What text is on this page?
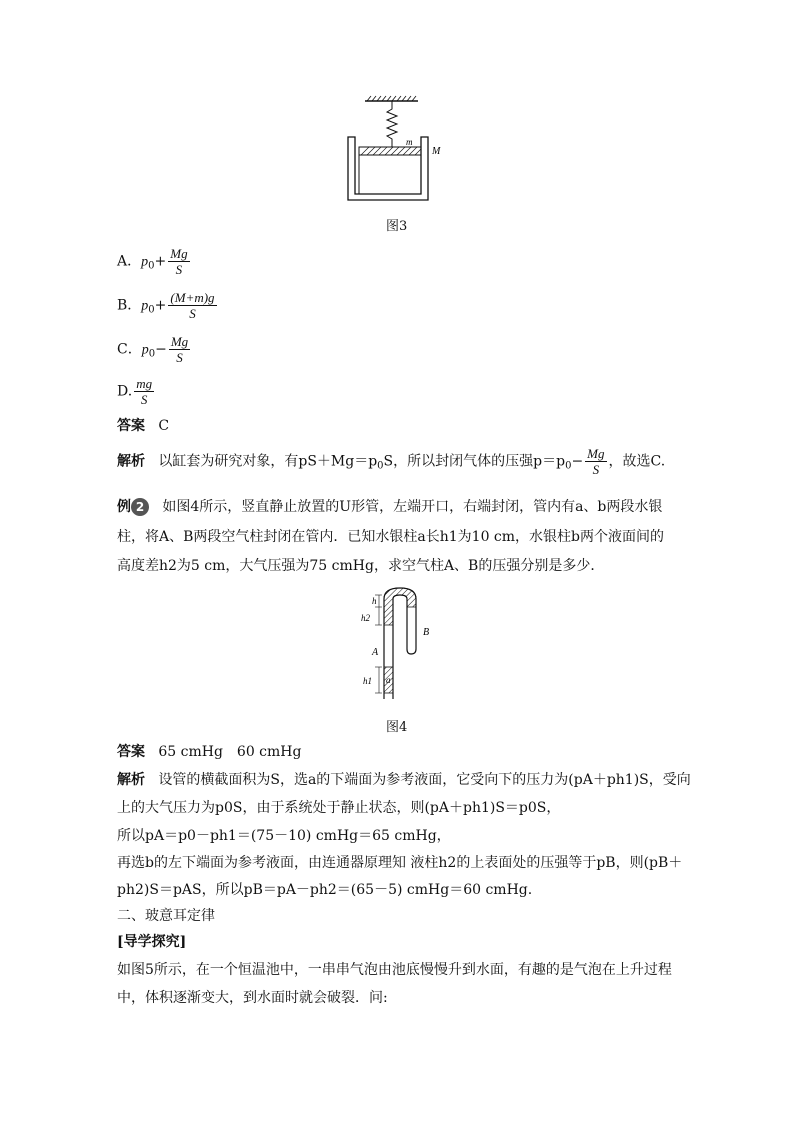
m
M
图3
A．$p_0+ \frac{Mg}{S}$
B．$p_0+ \frac{(M+m)g}{S}$
C．$p_0- \frac{Mg}{S}$
D. $\frac{mg}{S}$
答案 C
解析 以缸套为研究对象，有$pS+Mg=p_0S$，所以封闭气体的压强$p=p_0- \frac{Mg}{S}$ ，故选C.
例 2 如图4所示，竖直静止放置的U形管，左端开口，右端封闭，管内有a、b两段水银
柱，将A、B两段空气柱封闭在管内．已知水银柱a长h1为10 cm，水银柱b两个液面间的
高度差h2为5 cm，大气压强为75 cmHg，求空气柱A、B的压强分别是多少．
h
h2
A
B
h1 a
图4
答案 65 cmHg　60 cmHg
解析 设管的横截面积为S，选a的下端面为参考液面，它受向下的压力为(pA＋ph1)S，受向
上的大气压力为p0S，由于系统处于静止状态，则(pA＋ph1)S＝p0S，
所以pA＝p0－ph1＝(75－10) cmHg＝65 cmHg，
再选b的左下端面为参考液面，由连通器原理知 液柱h2的上表面处的压强等于pB，则(pB＋
ph2)S＝pAS，所以pB＝pA－ph2＝(65－5) cmHg＝60 cmHg.
二、玻意耳定律
[导学探究]
如图5所示，在一个恒温池中，一串串气泡由池底慢慢升到水面，有趣的是气泡在上升过程
中，体积逐渐变大，到水面时就会破裂．问:
